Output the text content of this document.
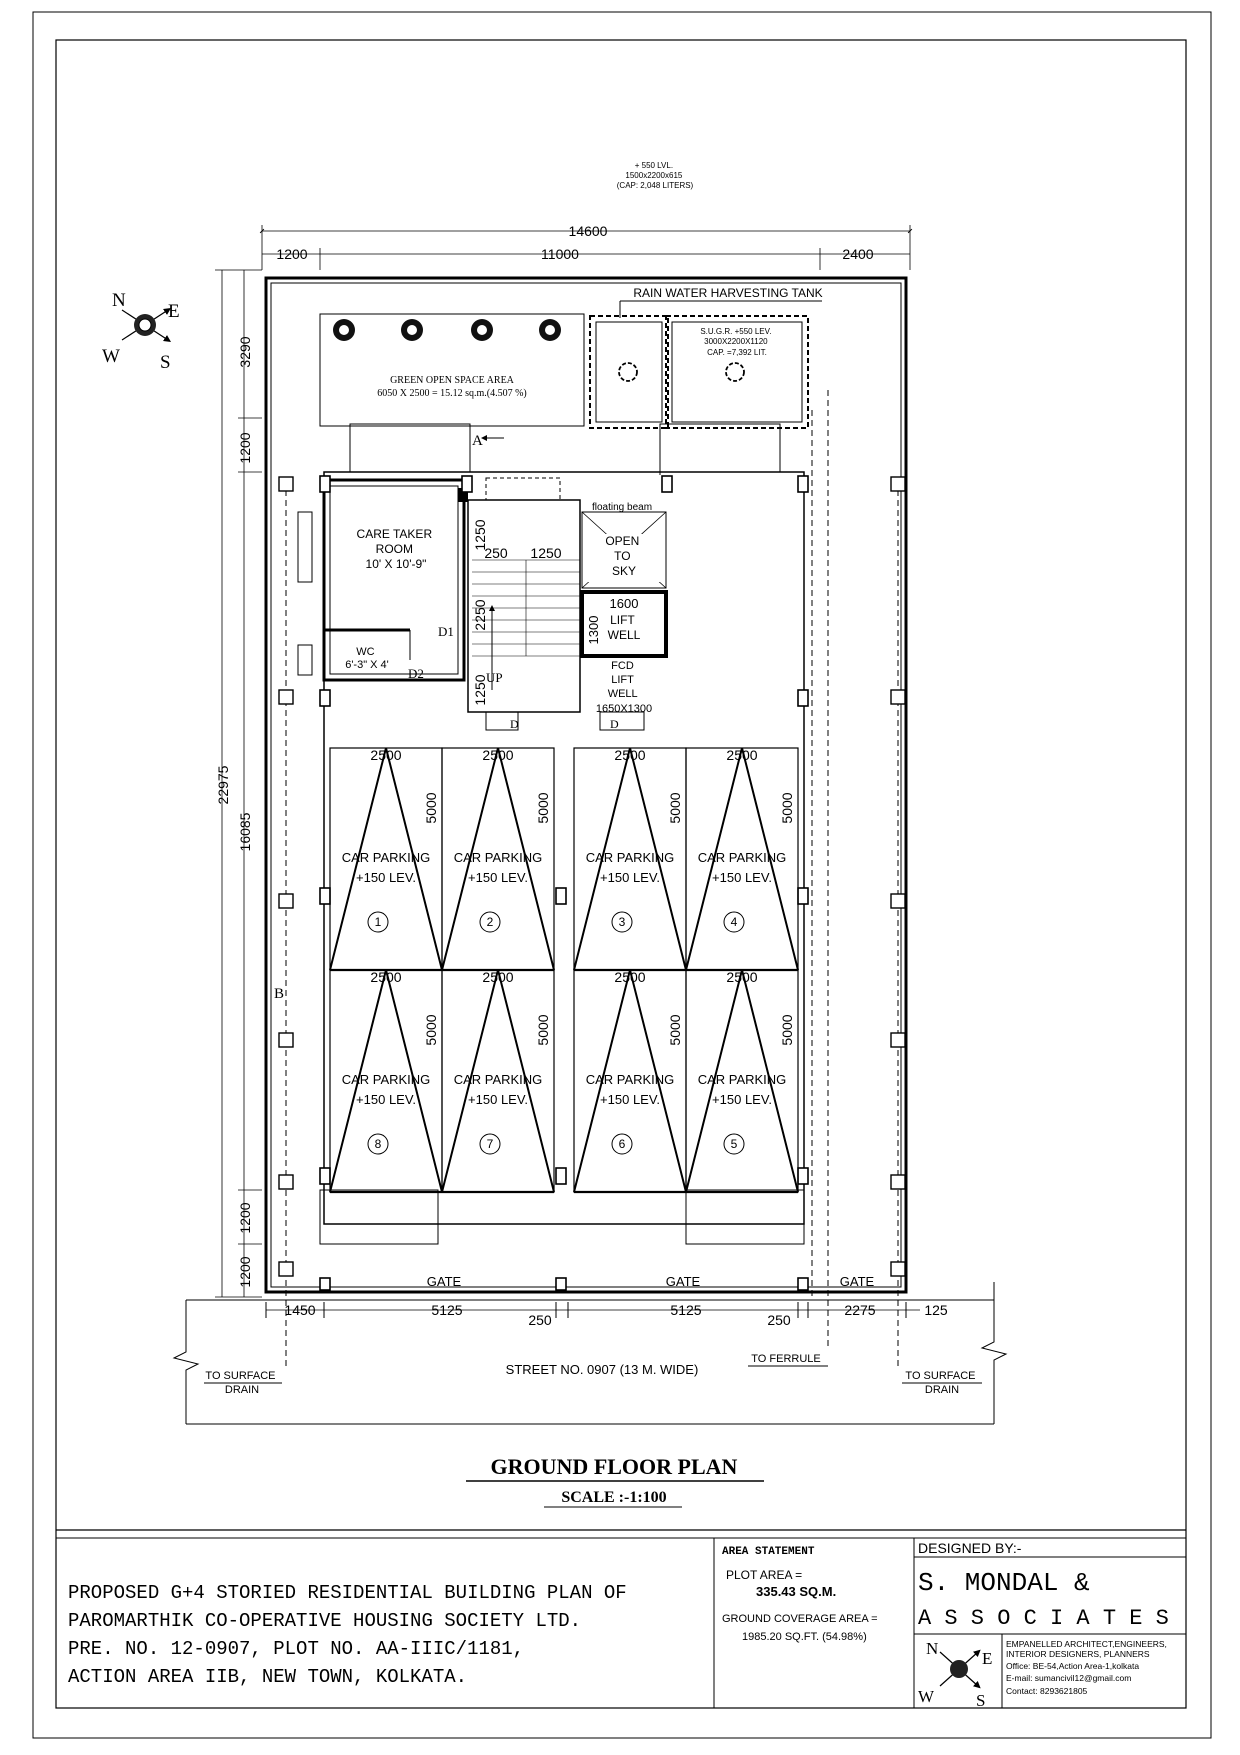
+ 550 LVL. 1500x2200x615 (CAP: 2,048 LITERS)
14600
1200	11000	2400
22975
3290
1200
16085
1200
1200
N
E
W S
GREEN OPEN SPACE AREA
6050 X 2500 = 15.12 sq.m.(4.507 %)
RAIN WATER HARVESTING TANK
S.U.G.R. +550 LEV. 3000X2200X1120 CAP. =7,392 LIT.
A
CARE TAKER ROOM 10' X 10'-9"
WC 6'-3" X 4'
D1
D2	UP
250 1250
1250
2250
1250
D
floating beam
OPEN TO SKY
1600
1300 LIFT WELL
FCD LIFT WELL 1650X1300
D
2500
5000
CAR PARKING
+150 LEV.
1
2500
5000
CAR PARKING
+150 LEV.
2
2500
5000
CAR PARKING
+150 LEV.
3
2500
5000
CAR PARKING
+150 LEV.
4
2500
5000
CAR PARKING
+150 LEV.
8
2500
5000
CAR PARKING
+150 LEV.
7
2500
5000
CAR PARKING
+150 LEV.
6
2500
5000
CAR PARKING
+150 LEV.
5
B
GATE	GATE	GATE
1450	5125
250
5125
250
2275	125
STREET NO. 0907 (13 M. WIDE)
TO SURFACE DRAIN
TO SURFACE DRAIN
TO FERRULE
GROUND FLOOR PLAN
SCALE :-1:100
PROPOSED G+4 STORIED RESIDENTIAL BUILDING PLAN OF PAROMARTHIK CO-OPERATIVE HOUSING SOCIETY LTD. PRE. NO. 12-0907, PLOT NO. AA-IIIC/1181, ACTION AREA IIB, NEW TOWN, KOLKATA.
AREA STATEMENT
PLOT AREA =
335.43 SQ.M.
GROUND COVERAGE AREA =
1985.20 SQ.FT. (54.98%)
DESIGNED BY:-
S. MONDAL &
A S S O C I A T E S
EMPANELLED ARCHITECT,ENGINEERS, INTERIOR DESIGNERS, PLANNERS Office: BE-54,Action Area-1,kolkata E-mail: sumancivil12@gmail.com Contact: 8293621805
N
E
W S
